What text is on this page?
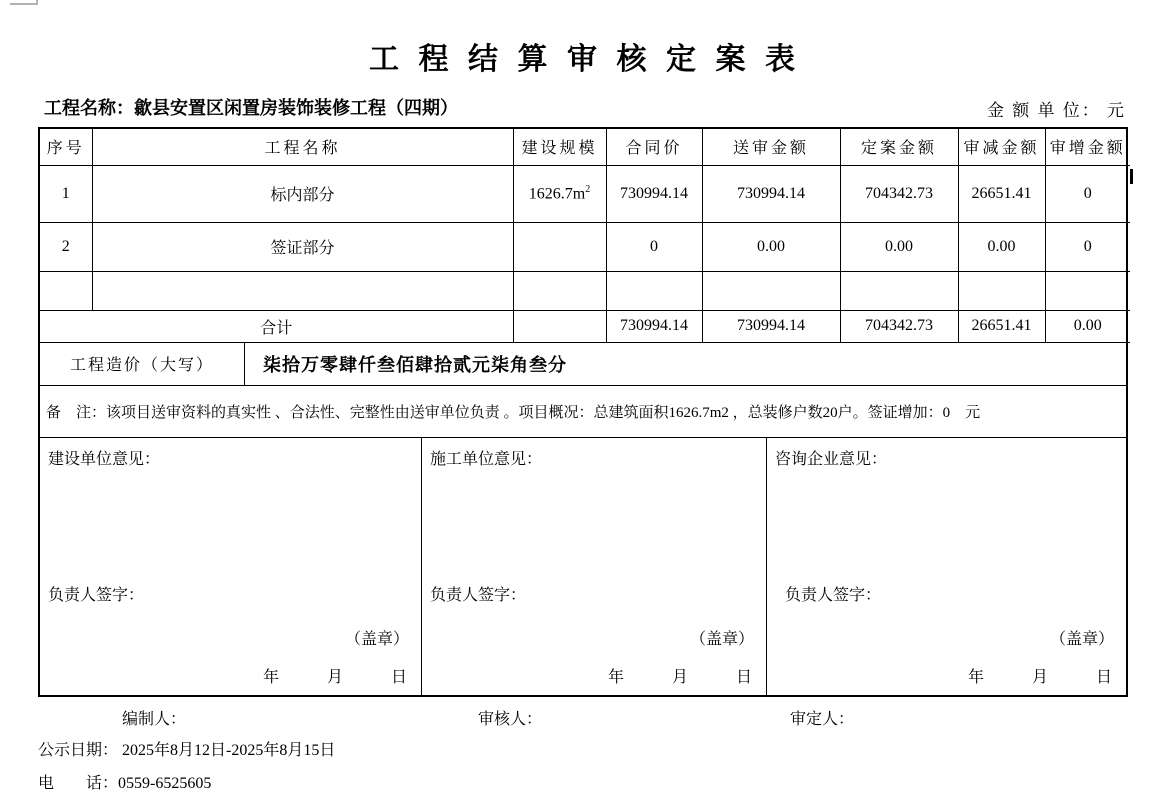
工 程 结 算 审 核 定 案 表
工程名称：歙县安置区闲置房装饰装修工程（四期）	金 额 单 位： 元
序号	工程名称	建设规模	合同价	送审金额	定案金额	审减金额	审增金额
1	标内部分	$1626.7m^2$	730994.14	730994.14	704342.73	26651.41	0
2	签证部分		0	0.00	0.00	0.00	0

合计			730994.14	730994.14	704342.73	26651.41	0.00
工程造价（大写）	柒拾万零肆仟叁佰肆拾贰元柒角叁分
备　注：该项目送审资料的真实性 、合法性、完整性由送审单位负责 。项目概况：总建筑面积1626.7m2 ，总装修户数20户。签证增加：0　元
建设单位意见：
负责人签字：
（盖章）
年	月	日
施工单位意见：
负责人签字：
（盖章）
年	月	日
咨询企业意见：
负责人签字：
（盖章）
年	月	日
编制人：	审核人：	审定人：
公示日期： 2025年8月12日-2025年8月15日
电　　话：0559-6525605
